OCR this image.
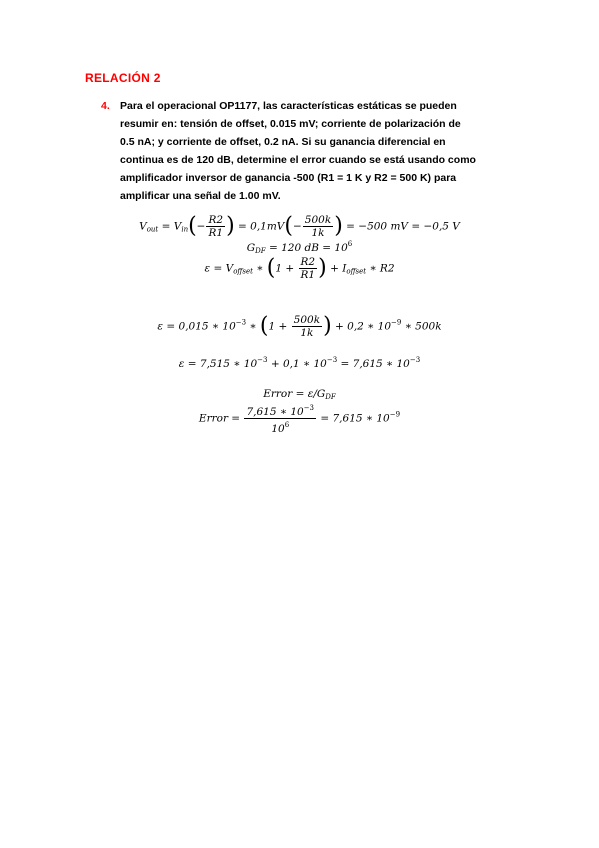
RELACIÓN 2
4. Para el operacional OP1177, las características estáticas se pueden
resumir en: tensión de offset, 0.015 mV; corriente de polarización de
0.5 nA; y corriente de offset, 0.2 nA. Si su ganancia diferencial en
continua es de 120 dB, determine el error cuando se está usando como
amplificador inversor de ganancia -500 (R1 = 1 K y R2 = 500 K) para
amplificar una señal de 1.00 mV.
$V_{out} = V_{in}(- \frac{R2}{R1}$ ) = $0,1mV(- \frac{500k}{1k}$ ) = −500 mV = −0,5 V
$G_{DF} = 120$ dB = $10^6$
$\varepsilon = V_{offset}$ ∗ ($1 + \frac{R2}{R1}$ ) + $I_{offset}$ ∗ R2
ε = 0,015 ∗ $10^{-3}$ ∗ ($1 + \frac{500k}{1k}$ ) + 0,2 ∗ $10^{-9}$ ∗ 500k
ε = 7,515 ∗ $10^{-3} + 0,1$ ∗ $10^{-3} = 7,615$ ∗ $10^{-3}$
Error = $\varepsilon/G_{DF}$
Error = $\frac{7,615 ∗ 10^{-3}}{10^6} = 7,615$ ∗ $10^{-9}$
